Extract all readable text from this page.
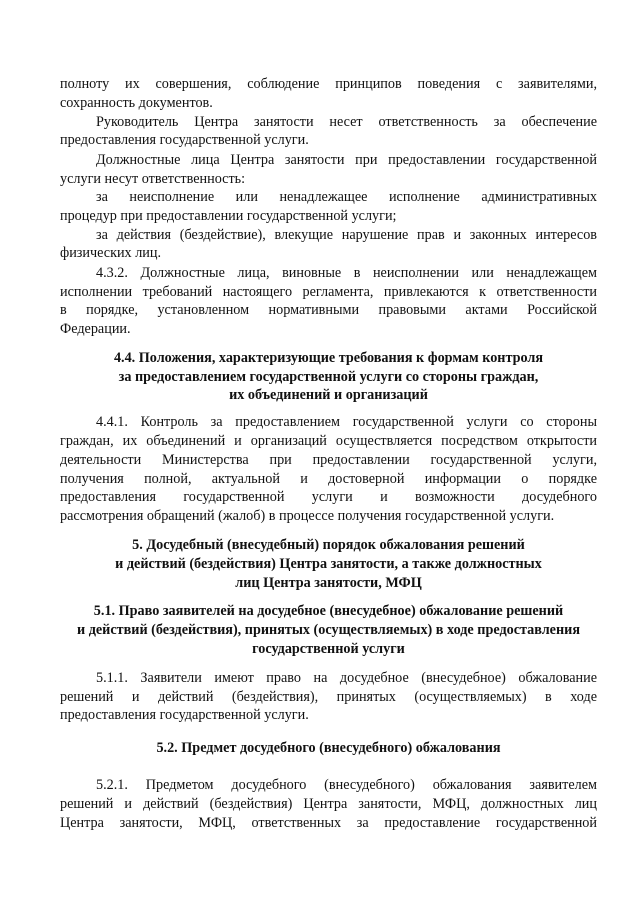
полноту их совершения, соблюдение принципов поведения с заявителями,
сохранность документов.
Руководитель Центра занятости несет ответственность за обеспечение
предоставления государственной услуги.
Должностные лица Центра занятости при предоставлении государственной
услуги несут ответственность:
за неисполнение или ненадлежащее исполнение административных
процедур при предоставлении государственной услуги;
за действия (бездействие), влекущие нарушение прав и законных интересов
физических лиц.
4.3.2. Должностные лица, виновные в неисполнении или ненадлежащем
исполнении требований настоящего регламента, привлекаются к ответственности
в порядке, установленном нормативными правовыми актами Российской
Федерации.
4.4. Положения, характеризующие требования к формам контроля
за предоставлением государственной услуги со стороны граждан,
их объединений и организаций
4.4.1. Контроль за предоставлением государственной услуги со стороны
граждан, их объединений и организаций осуществляется посредством открытости
деятельности Министерства при предоставлении государственной услуги,
получения полной, актуальной и достоверной информации о порядке
предоставления государственной услуги и возможности досудебного
рассмотрения обращений (жалоб) в процессе получения государственной услуги.
5. Досудебный (внесудебный) порядок обжалования решений
и действий (бездействия) Центра занятости, а также должностных
лиц Центра занятости, МФЦ
5.1. Право заявителей на досудебное (внесудебное) обжалование решений
и действий (бездействия), принятых (осуществляемых) в ходе предоставления
государственной услуги
5.1.1. Заявители имеют право на досудебное (внесудебное) обжалование
решений и действий (бездействия), принятых (осуществляемых) в ходе
предоставления государственной услуги.
5.2. Предмет досудебного (внесудебного) обжалования
5.2.1. Предметом досудебного (внесудебного) обжалования заявителем
решений и действий (бездействия) Центра занятости, МФЦ, должностных лиц
Центра занятости, МФЦ, ответственных за предоставление государственной
